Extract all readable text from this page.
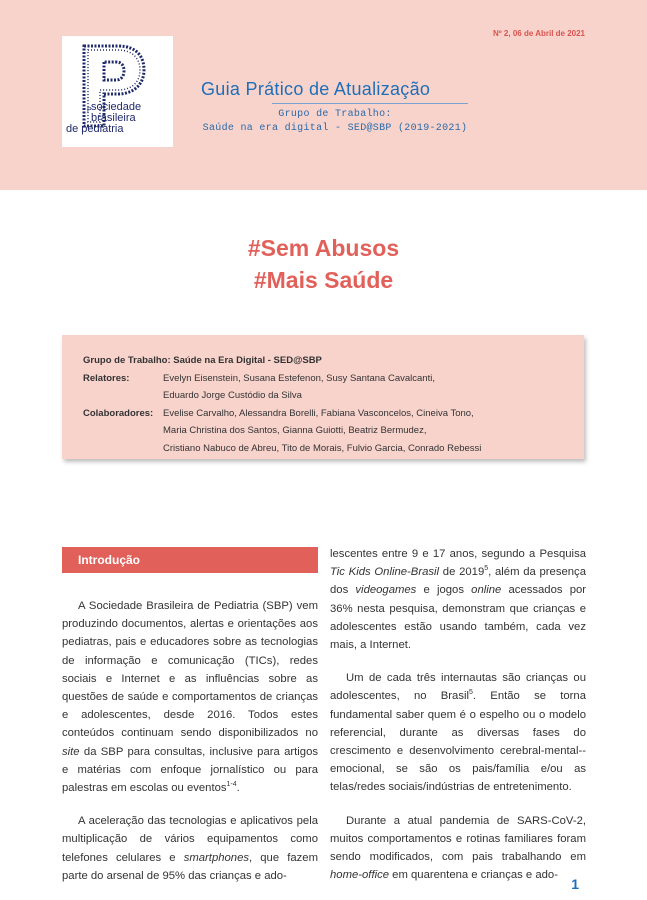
Nº 2, 06 de Abril de 2021
P sociedade
brasileira
de pediatria
Guia Prático de Atualização
Grupo de Trabalho:
Saúde na era digital - SED@SBP (2019-2021)
#Sem Abusos
#Mais Saúde
Grupo de Trabalho: Saúde na Era Digital - SED@SBP
Relatores:	Evelyn Eisenstein, Susana Estefenon, Susy Santana Cavalcanti,
Eduardo Jorge Custódio da Silva
Colaboradores: Evelise Carvalho, Alessandra Borelli, Fabiana Vasconcelos, Cineiva Tono,
Maria Christina dos Santos, Gianna Guiotti, Beatriz Bermudez,
Cristiano Nabuco de Abreu, Tito de Morais, Fulvio Garcia, Conrado Rebessi
Introdução

A Sociedade Brasileira de Pediatria (SBP) vem produzindo documentos, alertas e orientações aos pediatras, pais e educadores sobre as tecnologias de informação e comunicação (TICs), redes sociais e Internet e as influências sobre as questões de saúde e comportamentos de crianças e adolescentes, desde 2016. Todos estes conteúdos continuam sendo disponibilizados no site da SBP para consultas, inclusive para artigos e matérias com enfoque jornalístico ou para palestras em escolas ou eventos$^{1-4}$.

A aceleração das tecnologias e aplicativos pela multiplicação de vários equipamentos como telefones celulares e smartphones, que fazem parte do arsenal de 95% das crianças e ado-

lescentes entre 9 e 17 anos, segundo a Pesquisa Tic Kids Online-Brasil de 2019$^5$, além da presença dos videogames e jogos online acessados por 36% nesta pesquisa, demonstram que crianças e adolescentes estão usando também, cada vez mais, a Internet.

Um de cada três internautas são crianças ou adolescentes, no Brasil$^5$. Então se torna fundamental saber quem é o espelho ou o modelo referencial, durante as diversas fases do crescimento e desenvolvimento cerebral-mental--emocional, se são os pais/família e/ou as telas/redes sociais/indústrias de entretenimento.

Durante a atual pandemia de SARS-CoV-2, muitos comportamentos e rotinas familiares foram sendo modificados, com pais trabalhando em home-office em quarentena e crianças e ado-

1
